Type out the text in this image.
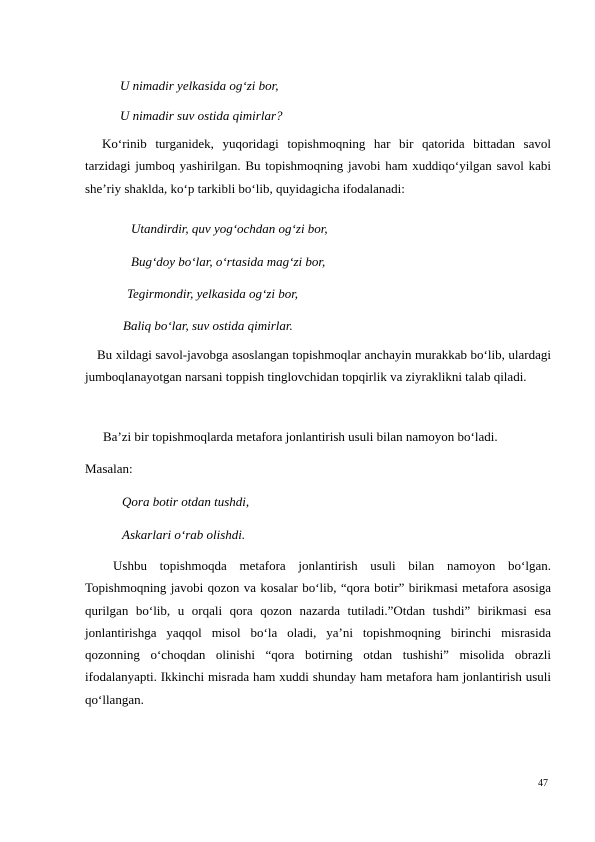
U nimadir yelkasida og‘zi bor,
U nimadir suv ostida qimirlar?

Ko‘rinib turganidek, yuqoridagi topishmoqning har bir qatorida bittadan savol tarzidagi jumboq yashirilgan. Bu topishmoqning javobi ham xuddiqo‘yilgan savol kabi she’riy shaklda, ko‘p tarkibli bo‘lib, quyidagicha ifodalanadi:

Utandirdir, quv yog‘ochdan og‘zi bor,
Bug‘doy bo‘lar, o‘rtasida mag‘zi bor,
Tegirmondir, yelkasida og‘zi bor,
Baliq bo‘lar, suv ostida qimirlar.

Bu xildagi savol-javobga asoslangan topishmoqlar anchayin murakkab bo‘lib, ulardagi jumboqlanayotgan narsani toppish tinglovchidan topqirlik va ziyraklikni talab qiladi.

Ba’zi bir topishmoqlarda metafora jonlantirish usuli bilan namoyon bo‘ladi.
Masalan:
Qora botir otdan tushdi,
Askarlari o‘rab olishdi.

Ushbu topishmoqda metafora jonlantirish usuli bilan namoyon bo‘lgan. Topishmoqning javobi qozon va kosalar bo‘lib, “qora botir” birikmasi metafora asosiga qurilgan bo‘lib, u orqali qora qozon nazarda tutiladi.”Otdan tushdi” birikmasi esa jonlantirishga yaqqol misol bo‘la oladi, ya’ni topishmoqning birinchi misrasida qozonning o‘choqdan olinishi “qora botirning otdan tushishi” misolida obrazli ifodalanyapti. Ikkinchi misrada ham xuddi shunday ham metafora ham jonlantirish usuli qo‘llangan.

47
